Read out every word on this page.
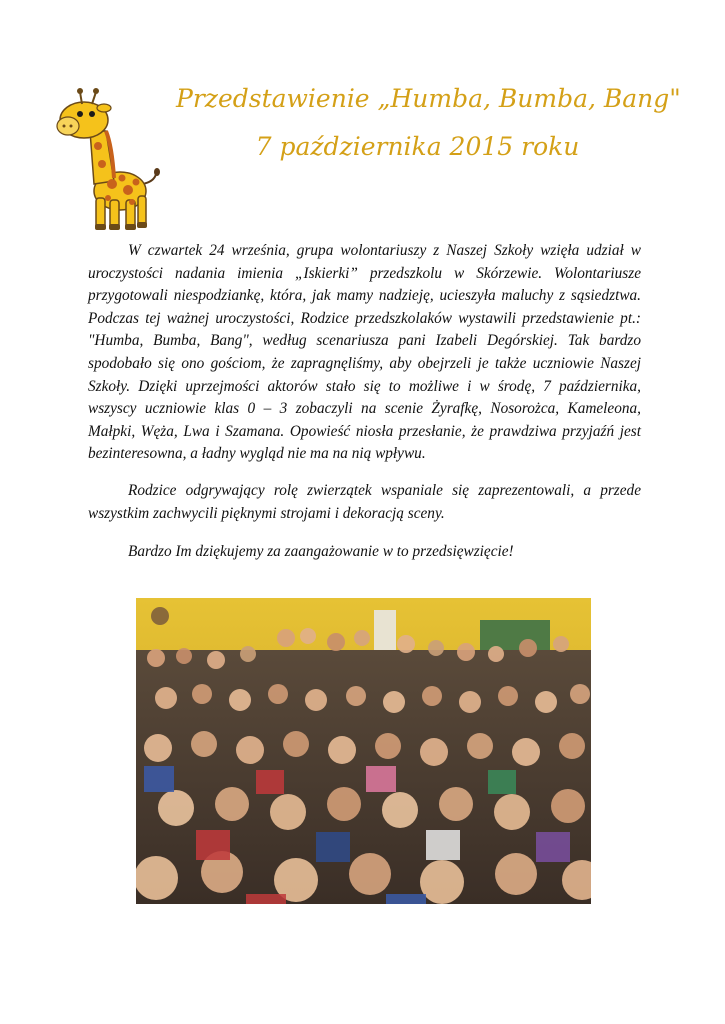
Przedstawienie „Humba, Bumba, Bang"
7 października 2015 roku

W czwartek 24 września, grupa wolontariuszy z Naszej Szkoły wzięła udział w uroczystości nadania imienia „Iskierki” przedszkolu w Skórzewie. Wolontariusze przygotowali niespodziankę, która, jak mamy nadzieję, ucieszyła maluchy z sąsiedztwa. Podczas tej ważnej uroczystości, Rodzice przedszkolaków wystawili przedstawienie pt.: "Humba, Bumba, Bang", według scenariusza pani Izabeli Degórskiej. Tak bardzo spodobało się ono gościom, że zapragnęliśmy, aby obejrzeli je także uczniowie Naszej Szkoły. Dzięki uprzejmości aktorów stało się to możliwe i w środę, 7 października, wszyscy uczniowie klas 0 – 3 zobaczyli na scenie Żyrafkę, Nosorożca, Kameleona, Małpki, Węża, Lwa i Szamana. Opowieść niosła przesłanie, że prawdziwa przyjaźń jest bezinteresowna, a ładny wygląd nie ma na nią wpływu.

Rodzice odgrywający rolę zwierzątek wspaniale się zaprezentowali, a przede wszystkim zachwycili pięknymi strojami i dekoracją sceny.

Bardzo Im dziękujemy za zaangażowanie w to przedsięwzięcie!
